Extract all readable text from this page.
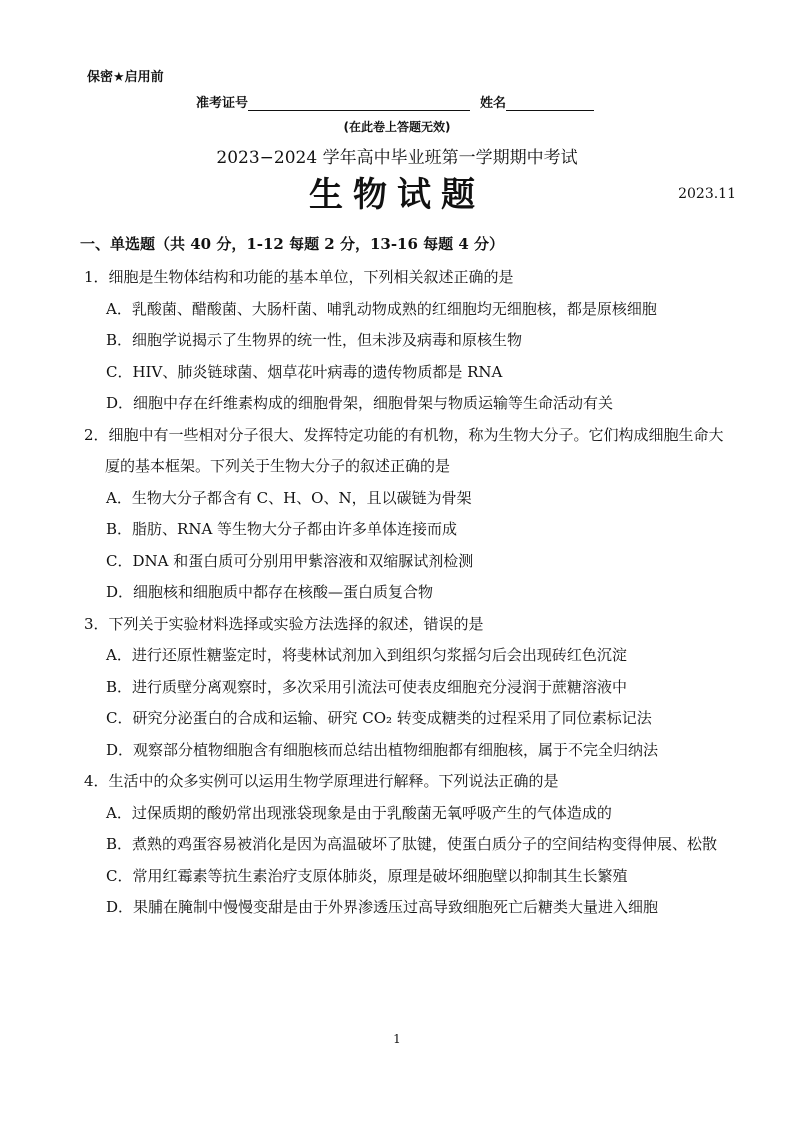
保密★启用前
准考证号	姓名
(在此卷上答题无效)
2023−2024 学年高中毕业班第一学期期中考试
生物试题	2023.11
一、单选题（共 40 分，1-12 每题 2 分，13-16 每题 4 分）
1．细胞是生物体结构和功能的基本单位，下列相关叙述正确的是
A．乳酸菌、醋酸菌、大肠杆菌、哺乳动物成熟的红细胞均无细胞核，都是原核细胞
B．细胞学说揭示了生物界的统一性，但未涉及病毒和原核生物
C．HIV、肺炎链球菌、烟草花叶病毒的遗传物质都是 RNA
D．细胞中存在纤维素构成的细胞骨架，细胞骨架与物质运输等生命活动有关
2．细胞中有一些相对分子很大、发挥特定功能的有机物，称为生物大分子。它们构成细胞生命大厦的基本框架。下列关于生物大分子的叙述正确的是
A．生物大分子都含有 C、H、O、N，且以碳链为骨架
B．脂肪、RNA 等生物大分子都由许多单体连接而成
C．DNA 和蛋白质可分别用甲紫溶液和双缩脲试剂检测
D．细胞核和细胞质中都存在核酸—蛋白质复合物
3．下列关于实验材料选择或实验方法选择的叙述，错误的是
A．进行还原性糖鉴定时，将斐林试剂加入到组织匀浆摇匀后会出现砖红色沉淀
B．进行质壁分离观察时，多次采用引流法可使表皮细胞充分浸润于蔗糖溶液中
C．研究分泌蛋白的合成和运输、研究 CO₂ 转变成糖类的过程采用了同位素标记法
D．观察部分植物细胞含有细胞核而总结出植物细胞都有细胞核，属于不完全归纳法
4．生活中的众多实例可以运用生物学原理进行解释。下列说法正确的是
A．过保质期的酸奶常出现涨袋现象是由于乳酸菌无氧呼吸产生的气体造成的
B．煮熟的鸡蛋容易被消化是因为高温破坏了肽键，使蛋白质分子的空间结构变得伸展、松散
C．常用红霉素等抗生素治疗支原体肺炎，原理是破坏细胞壁以抑制其生长繁殖
D．果脯在腌制中慢慢变甜是由于外界渗透压过高导致细胞死亡后糖类大量进入细胞
1
